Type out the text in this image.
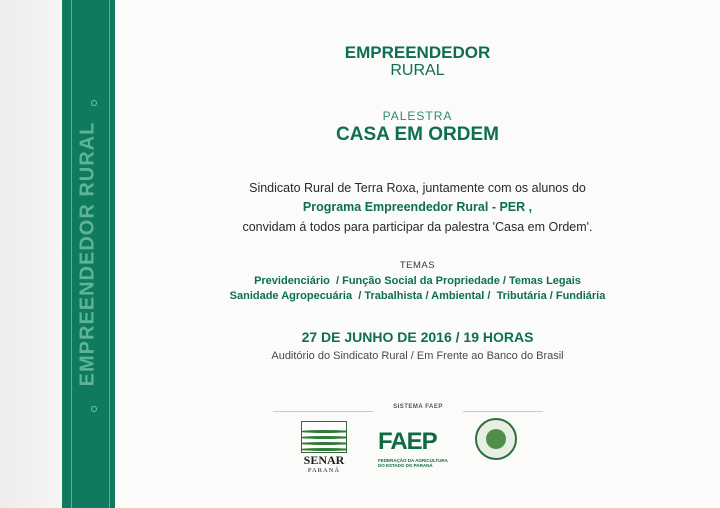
EMPREENDEDOR RURAL
EMPREENDEDOR
RURAL
PALESTRA
CASA EM ORDEM
Sindicato Rural de Terra Roxa, juntamente com os alunos do
Programa Empreendedor Rural - PER ,
convidam á todos para participar da palestra 'Casa em Ordem'.
TEMAS
Previdenciário  / Função Social da Propriedade / Temas Legais
Sanidade Agropecuária  / Trabalhista / Ambiental /  Tributária / Fundiária
27 DE JUNHO DE 2016 / 19 HORAS
Auditório do Sindicato Rural / Em Frente ao Banco do Brasil
SISTEMA FAEP
SENAR
PARANÁ
FAEP
FEDERAÇÃO DA AGRICULTURA DO ESTADO DO PARANÁ
